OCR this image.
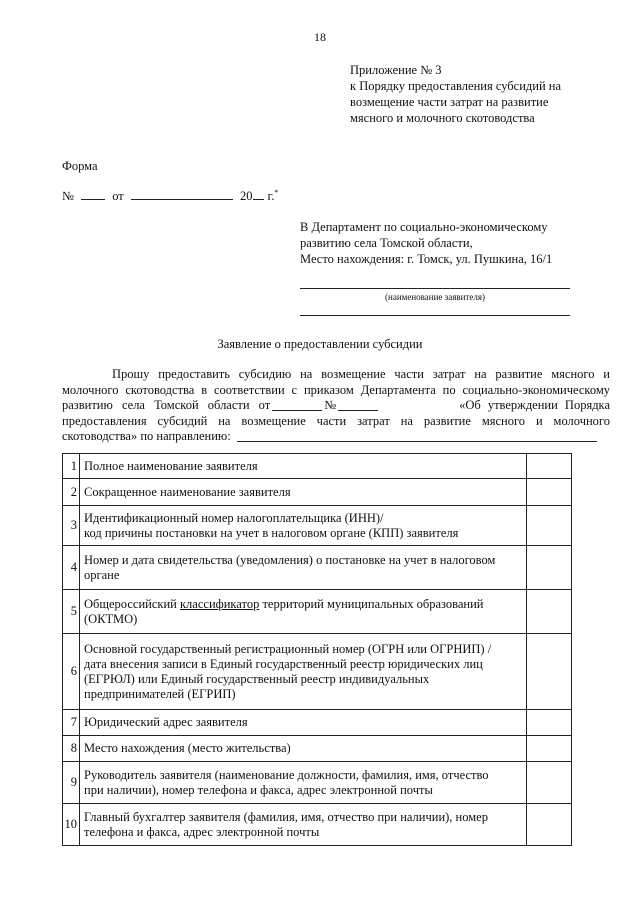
18
Приложение № 3
к Порядку предоставления субсидий на
возмещение части затрат на развитие
мясного и молочного скотоводства
Форма
№	от	20 г.*
В Департамент по социально-экономическому
развитию села Томской области,
Место нахождения: г. Томск, ул. Пушкина, 16/1
(наименование заявителя)
Заявление о предоставлении субсидии
Прошу предоставить субсидию на возмещение части затрат на развитие мясного и
молочного скотоводства в соответствии с приказом Департамента по социально-экономическому
развитию села Томской области от	№	«Об утверждении Порядка
предоставления субсидий на возмещение части затрат на развитие мясного и молочного
скотоводства» по направлению:
1	Полное наименование заявителя	
2	Сокращенное наименование заявителя	
3	Идентификационный номер налогоплательщика (ИНН)/
код причины постановки на учет в налоговом органе (КПП) заявителя	

4	Номер и дата свидетельства (уведомления) о постановке на учет в налоговом
органе	

5	Общероссийский классификатор территорий муниципальных образований
(ОКТМО)	

6	Основной государственный регистрационный номер (ОГРН или ОГРНИП) /
дата внесения записи в Единый государственный реестр юридических лиц
(ЕГРЮЛ) или Единый государственный реестр индивидуальных
предпринимателей (ЕГРИП)	

7	Юридический адрес заявителя	
8	Место нахождения (место жительства)	
9	Руководитель заявителя (наименование должности, фамилия, имя, отчество
при наличии), номер телефона и факса, адрес электронной почты	

10	Главный бухгалтер заявителя (фамилия, имя, отчество при наличии), номер
телефона и факса, адрес электронной почты	
